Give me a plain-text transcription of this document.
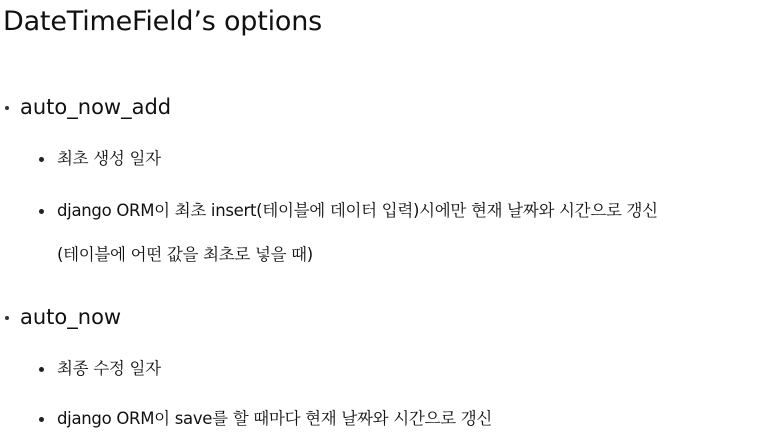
DateTimeField’s options
auto_now_add
최초 생성 일자
django ORM이 최초 insert(테이블에 데이터 입력)시에만 현재 날짜와 시간으로 갱신
(테이블에 어떤 값을 최초로 넣을 때)
auto_now
최종 수정 일자
django ORM이 save를 할 때마다 현재 날짜와 시간으로 갱신
